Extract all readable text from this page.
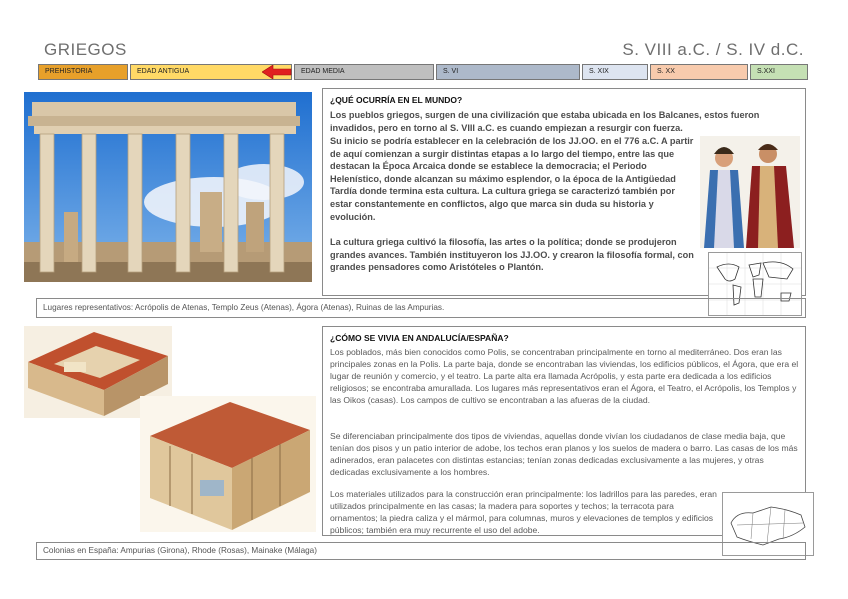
GRIEGOS	S. VIII a.C. / S. IV d.C.
PREHISTORIA	EDAD ANTIGUA	EDAD MEDIA	S. VI	S. XIX	S. XX	S.XXI
¿QUÉ OCURRÍA EN EL MUNDO?
Los pueblos griegos, surgen de una civilización que estaba ubicada en los Balcanes, estos fueron invadidos, pero en torno al S. VIII a.C. es cuando empiezan a resurgir con fuerza.
Su inicio se podría establecer en la celebración de los JJ.OO. en el 776 a.C. A partir de aquí comienzan a surgir distintas etapas a lo largo del tiempo, entre las que destacan la Época Arcaica donde se establece la democracia; el Periodo Helenístico, donde alcanzan su máximo esplendor, o la época de la Antigüedad Tardía donde termina esta cultura. La cultura griega se caracterizó también por estar constantemente en conflictos, algo que marca sin duda su historia y evolución.
La cultura griega cultivó la filosofía, las artes o la política; donde se produjeron grandes avances. También instituyeron los JJ.OO. y crearon la filosofía formal, con grandes pensadores como Aristóteles o Plantón.
Lugares representativos: Acrópolis de Atenas, Templo Zeus (Atenas), Ágora (Atenas), Ruinas de las Ampurias.
¿CÓMO SE VIVIA EN ANDALUCÍA/ESPAÑA?
Los poblados, más bien conocidos como Polis, se concentraban principalmente en torno al mediterráneo. Dos eran las principales zonas en la Polis. La parte baja, donde se encontraban las viviendas, los edificios públicos, el Ágora, que era el lugar de reunión y comercio, y el teatro. La parte alta era llamada Acrópolis, y esta parte era dedicada a los edificios religiosos; se encontraba amurallada. Los lugares más representativos eran el Ágora, el Teatro, el Acrópolis, los Templos y las Oikos (casas). Los campos de cultivo se encontraban a las afueras de la ciudad.
Se diferenciaban principalmente dos tipos de viviendas, aquellas donde vivían los ciudadanos de clase media baja, que tenían dos pisos y un patio interior de adobe, los techos eran planos y los suelos de madera o barro. Las casas de los más adinerados, eran palacetes con distintas estancias; tenían zonas dedicadas exclusivamente a las mujeres, y otras dedicadas exclusivamente a los hombres.
Los materiales utilizados para la construcción eran principalmente: los ladrillos para las paredes, eran utilizados principalmente en las casas; la madera para soportes y techos; la terracota para ornamentos; la piedra caliza y el mármol, para columnas, muros y elevaciones de templos y edificios públicos; también era muy recurrente el uso del adobe.
Colonias en España: Ampurias (Girona), Rhode (Rosas), Mainake (Málaga)
